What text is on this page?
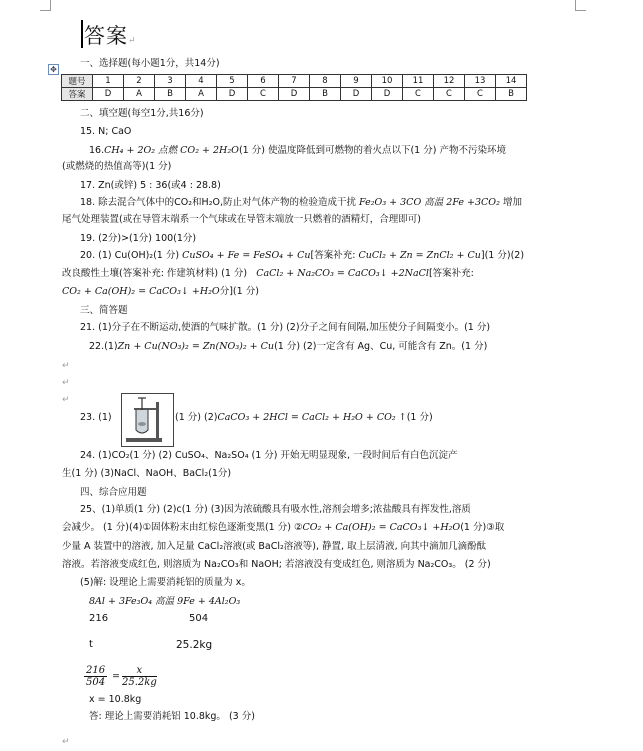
答案↵
一、选择题(每小题1分，共14分)
✥
题号	1	2	3	4	5	6	7	8	9	10	11	12	13	14
答案	D	A	B	A	D	C	D	B	D	D	C	C	C	B
二、填空题(每空1分,共16分)
15. N; CaO
16.CH₄ + 2O₂ 点燃 CO₂ + 2H₂O(1 分) 使温度降低到可燃物的着火点以下(1 分) 产物不污染环境
(或燃烧的热值高等)(1 分)
17. Zn(或锌) 5 : 36(或4 : 28.8)
18. 除去混合气体中的CO₂和H₂O,防止对气体产物的检验造成干扰 Fe₂O₃ + 3CO 高温 2Fe +3CO₂ 增加
尾气处理装置(或在导管末端系一个气球或在导管末端放一只燃着的酒精灯，合理即可)
19. (2分)>(1分) 100(1分)
20. (1) Cu(OH)₂(1 分) CuSO₄ + Fe = FeSO₄ + Cu[答案补充: CuCl₂ + Zn = ZnCl₂ + Cu](1 分)(2)
改良酸性土壤(答案补充: 作建筑材料) (1 分) CaCl₂ + Na₂CO₃ = CaCO₃↓ +2NaCl[答案补充:
CO₂ + Ca(OH)₂ = CaCO₃↓ +H₂O分](1 分)
三、简答题
21. (1)分子在不断运动,使酒的气味扩散。(1 分) (2)分子之间有间隔,加压使分子间隔变小。(1 分)
22.(1)Zn + Cu(NO₃)₂ = Zn(NO₃)₂ + Cu(1 分) (2)一定含有 Ag、Cu, 可能含有 Zn。(1 分)
↵
↵
↵
23. (1)	(1 分) (2)CaCO₃ + 2HCl = CaCl₂ + H₂O + CO₂ ↑(1 分)
24. (1)CO₂(1 分) (2) CuSO₄、Na₂SO₄ (1 分) 开始无明显现象, 一段时间后有白色沉淀产
生(1 分) (3)NaCl、NaOH、BaCl₂(1分)
四、综合应用题
25、(1)单质(1 分) (2)c(1 分) (3)因为浓硫酸具有吸水性,溶剂会增多;浓盐酸具有挥发性,溶质
会减少。 (1 分)(4)①固体粉末由红棕色逐渐变黑(1 分) ②CO₂ + Ca(OH)₂ = CaCO₃↓ +H₂O(1 分)③取
少量 A 装置中的溶液, 加入足量 CaCl₂溶液(或 BaCl₂溶液等), 静置, 取上层清液, 向其中滴加几滴酚酞
溶液。若溶液变成红色, 则溶质为 Na₂CO₃和 NaOH; 若溶液没有变成红色, 则溶质为 Na₂CO₃。 (2 分)
(5)解: 设理论上需要消耗铝的质量为 x。
8Al + 3Fe₃O₄ 高温 9Fe + 4Al₂O₃
216	504
t	25.2kg
$\frac{216}{504} = \frac{x}{25.2kg}$
x = 10.8kg
答: 理论上需要消耗铝 10.8kg。 (3 分)
↵
